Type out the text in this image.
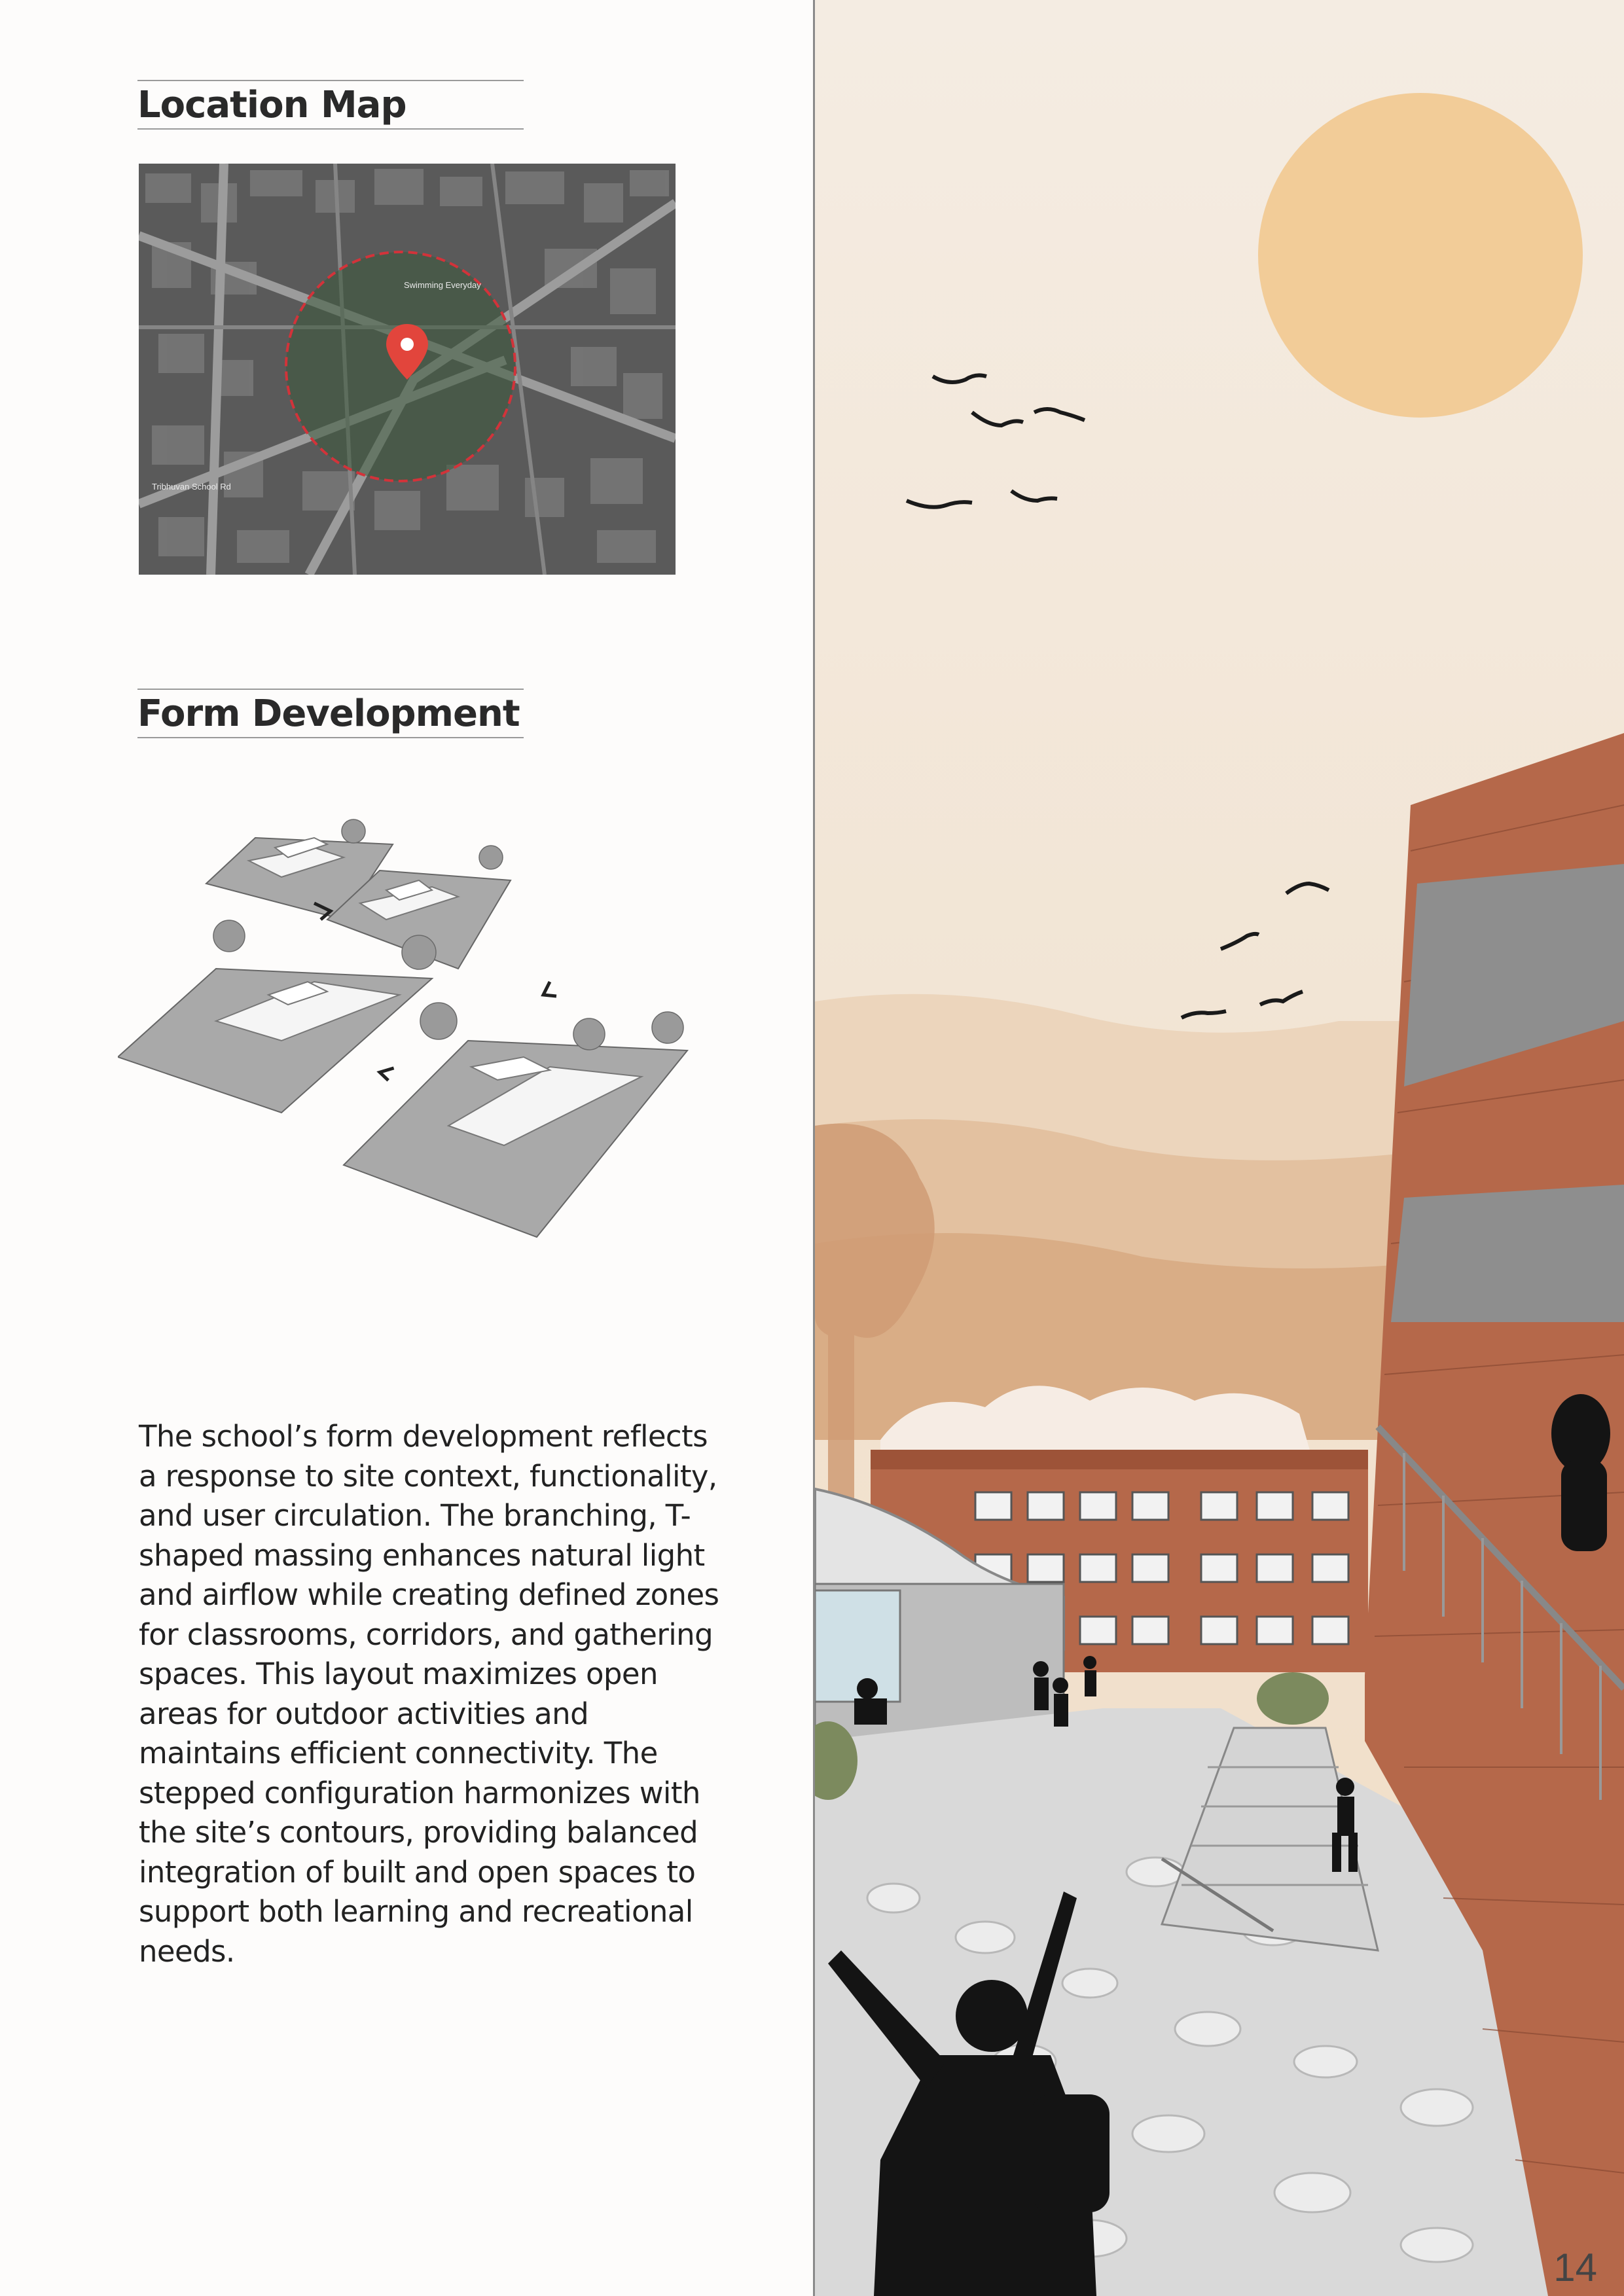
Location Map
Swimming Everyday
Tribhuvan School Rd
Form Development

The school’s form development reflects a response to site context, functionality, and user circulation. The branching, T-shaped massing enhances natural light and airflow while creating defined zones for classrooms, corridors, and gathering spaces. This layout maximizes open areas for outdoor activities and maintains efficient connectivity. The stepped configuration harmonizes with the site’s contours, providing balanced integration of built and open spaces to support both learning and recreational needs.

14
